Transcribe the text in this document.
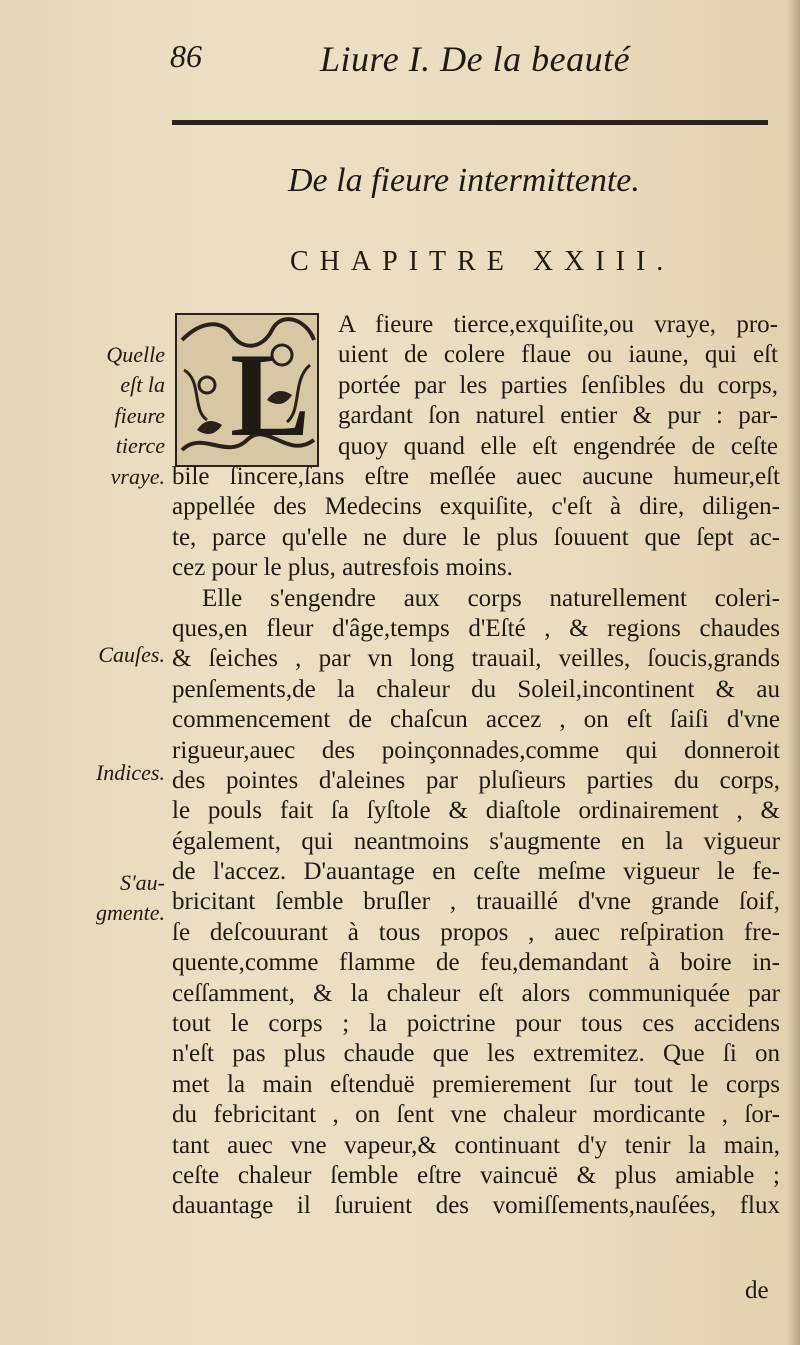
86	Liure I. De la beauté
De la fieure intermittente.
CHAPITRE XXIII.
L
A fieure tierce,exquiſite,ou vraye, pro-
uient de colere flaue ou iaune, qui eſt
portée par les parties ſenſibles du corps,
gardant ſon naturel entier & pur : par-
quoy quand elle eſt engendrée de ceſte
bile ſincere,ſans eſtre meſlée auec aucune humeur,eſt
appellée des Medecins exquiſite, c'eſt à dire, diligen-
te, parce qu'elle ne dure le plus ſouuent que ſept ac-
cez pour le plus, autresfois moins.
Elle s'engendre aux corps naturellement coleri-
ques,en fleur d'âge,temps d'Eſté , & regions chaudes
& ſeiches , par vn long trauail, veilles, ſoucis,grands
penſements,de la chaleur du Soleil,incontinent & au
commencement de chaſcun accez , on eſt ſaiſi d'vne
rigueur,auec des poinçonnades,comme qui donneroit
des pointes d'aleines par pluſieurs parties du corps,
le pouls fait ſa ſyſtole & diaſtole ordinairement , &
également, qui neantmoins s'augmente en la vigueur
de l'accez. D'auantage en ceſte meſme vigueur le fe-
bricitant ſemble bruſler , trauaillé d'vne grande ſoif,
ſe deſcouurant à tous propos , auec reſpiration fre-
quente,comme flamme de feu,demandant à boire in-
ceſſamment, & la chaleur eſt alors communiquée par
tout le corps ; la poictrine pour tous ces accidens
n'eſt pas plus chaude que les extremitez. Que ſi on
met la main eſtenduë premierement ſur tout le corps
du febricitant , on ſent vne chaleur mordicante , ſor-
tant auec vne vapeur,& continuant d'y tenir la main,
ceſte chaleur ſemble eſtre vaincuë & plus amiable ;
dauantage il ſuruient des vomiſſements,nauſées, flux
Quelle
eſt la
fieure
tierce
vraye.
Cauſes.
Indices.
S'au-
gmente.
de
